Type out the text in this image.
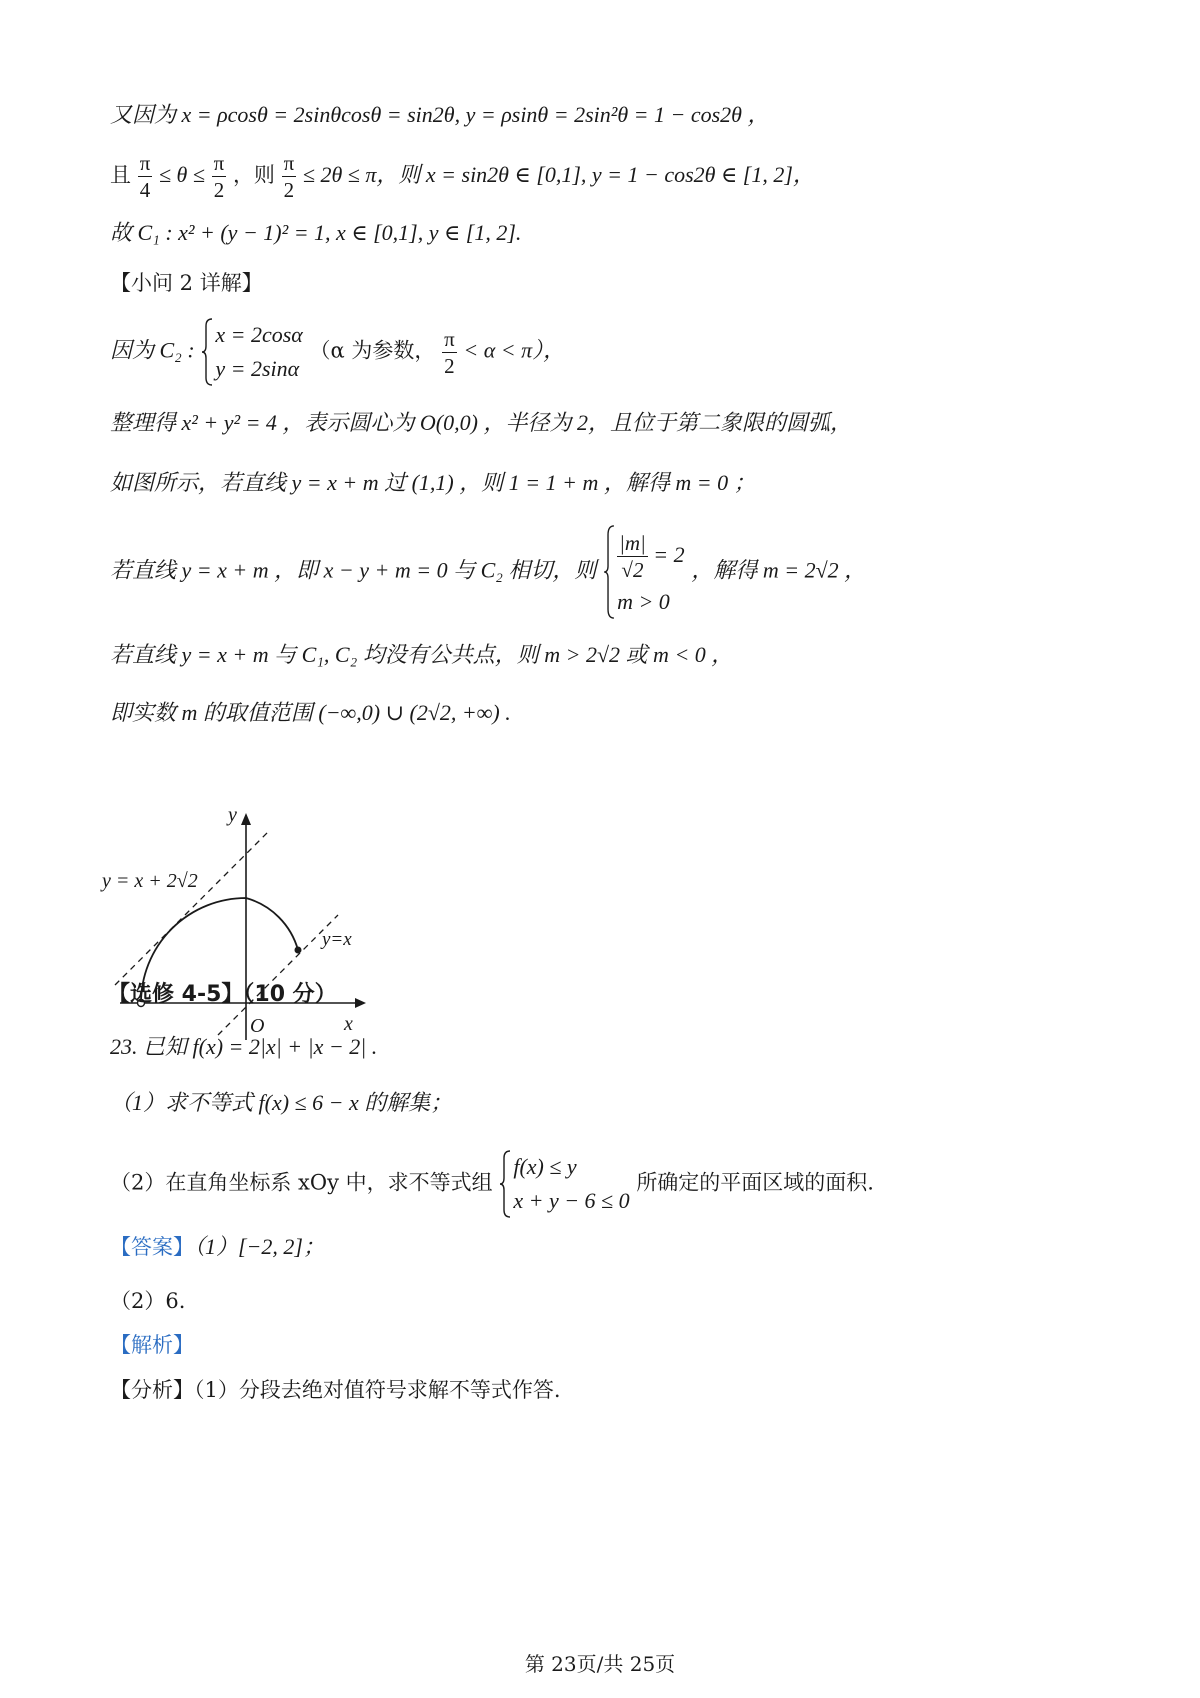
又因为 x = ρcosθ = 2sinθcosθ = sin2θ, y = ρsinθ = 2sin²θ = 1 − cos2θ ，
且 $\frac{\pi}{4} \le \theta \le \frac{\pi}{2}$ ，则 $\frac{\pi}{2} \le 2\theta \le \pi$，则 x = sin2θ ∈ [0,1], y = 1 − cos2θ ∈ [1, 2]，
故 C₁ : x² + (y − 1)² = 1, x ∈ [0,1], y ∈ [1, 2].
【小问 2 详解】
因为 C₂ :
x = 2cosα
y = 2sinα
（α 为参数， $\frac{\pi}{2} < \alpha < \pi$），
整理得 x² + y² = 4 ，表示圆心为 O(0,0) ，半径为 2，且位于第二象限的圆弧，
如图所示，若直线 y = x + m 过 (1,1) ，则 1 = 1 + m ，解得 m = 0 ；
若直线 y = x + m ，即 x − y + m = 0 与 C₂ 相切，则 $\frac{|m|}{√2} = 2$
m > 0
，解得 m = 2√2 ，
若直线 y = x + m 与 C₁, C₂ 均没有公共点，则 m > 2√2 或 m < 0 ，
即实数 m 的取值范围 (−∞,0) ∪ (2√2, +∞) .
y = x + 2√2
y=x
x
y
O
【选修 4-5】（10 分）
23. 已知 f(x) = 2|x| + |x − 2| .
（1）求不等式 f(x) ≤ 6 − x 的解集；
（2）在直角坐标系 xOy 中，求不等式组
f(x) ≤ y
x + y − 6 ≤ 0
所确定的平面区域的面积.
【答案】（1）[−2, 2]；
（2）6.
【解析】
【分析】（1）分段去绝对值符号求解不等式作答.
第 23页/共 25页
